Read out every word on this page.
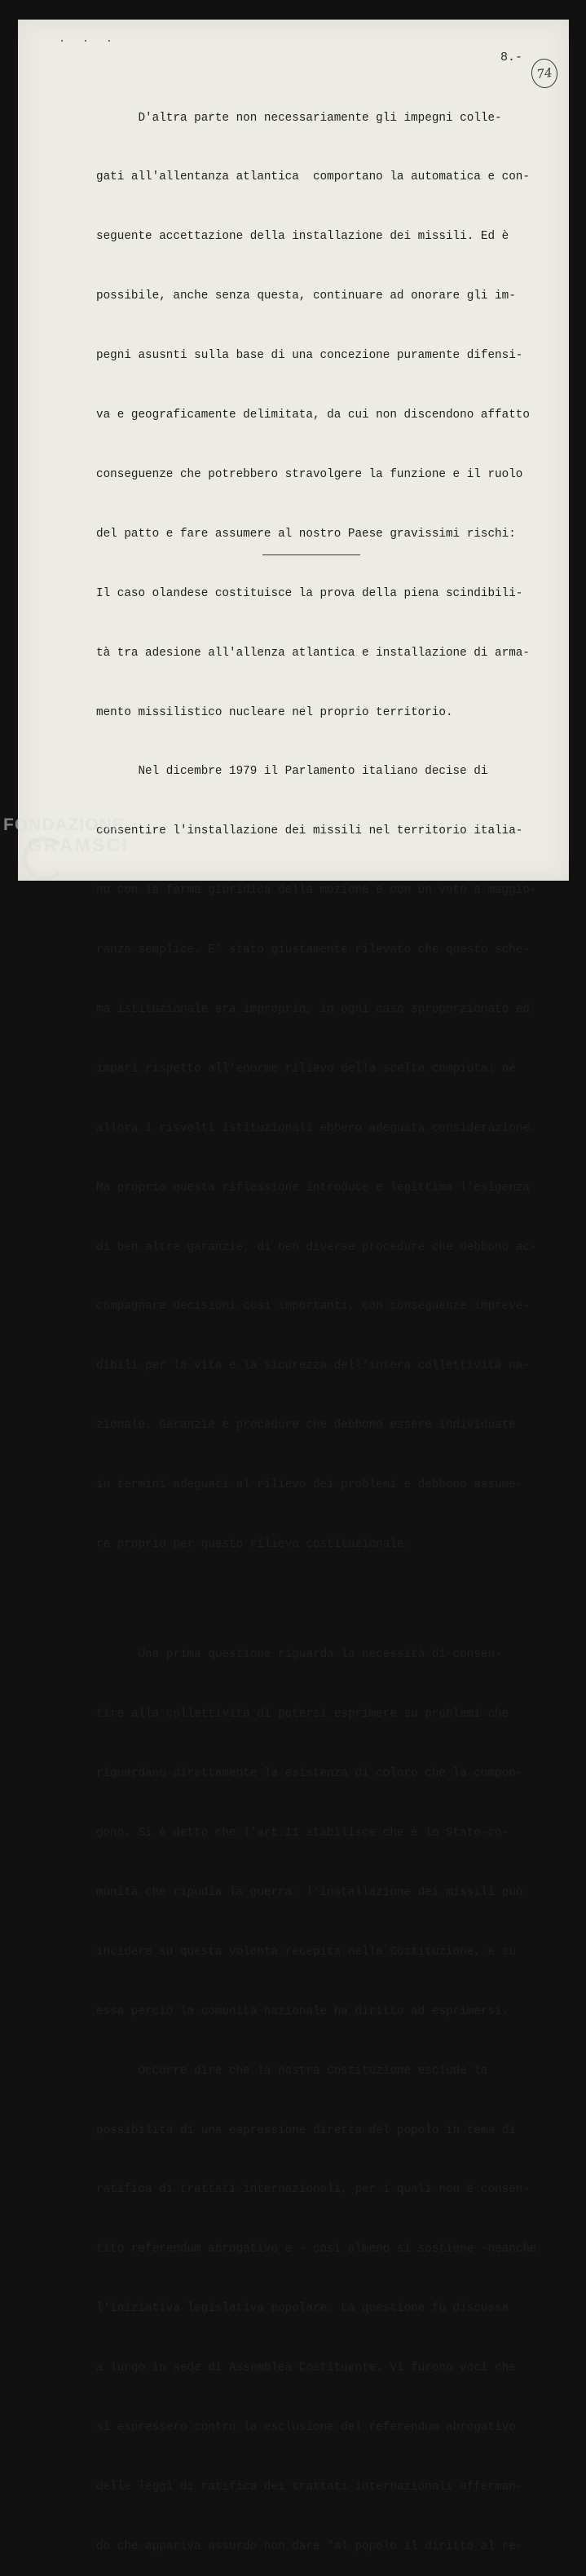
. . .
8.-
74

D'altra parte non necessariamente gli impegni colle-

gati all'allentanza atlantica  comportano la automatica e con-

seguente accettazione della installazione dei missili. Ed è

possibile, anche senza questa, continuare ad onorare gli im-

pegni asusnti sulla base di una concezione puramente difensi-

va e geograficamente delimitata, da cui non discendono affatto

conseguenze che potrebbero stravolgere la funzione e il ruolo

del patto e fare assumere al nostro Paese gravissimi rischi:

Il caso olandese costituisce la prova della piena scindibili-

tà tra adesione all'allenza atlantica e installazione di arma-

mento missilistico nucleare nel proprio territorio.

Nel dicembre 1979 il Parlamento italiano decise di

consentire l'installazione dei missili nel territorio italia-

no con la forma giuridica della mozione e con un voto a maggio-

ranza semplice. E' stato giustamente rilevato che questo sche-

ma istituzionale era improprio, in ogni caso sproporzionato ed

impari rispetto all'enorme rilievo della scelta compiuta: né

allora i risvolti istituzionali ebbero adeguata considerazione.

Ma proprio questa riflessione introduce e legittima l'esigenza

di ben altre garanzie, di ben diverse procedure che debbono ac-

compagnare decisioni così importanti, con conseguenze impreve-

dibili per la vita e la sicurezza dell'intera collettività na-

zionale. Garanzie e procedure che debbono essere individuate

in termini adeguati al rilievo dei problemi e debbono assume-

re proprio per questo rilievo costituzionale.

Una prima questione riguarda la necessità di consen-

tire alla collettività di potersi esprimere su problemi che

riguardano direttamente la esistenza di coloro che la compon-

gono. Si è detto che l'art.11 stabilisce che è lo Stato-co-

munità che ripudia la guerra: l'installazione dei missili può

incidere su questa volontà recepita nella Costituzione, e su

essa perciò la comunità nazionale ha diritto ad esprimersi.

Occorre dire che la nostra Costituzione esclude la

possibilità di una espressione diretta del popolo in tema di

ratifica di trattati internazionali, per i quali non è consen-

tito referendum abrogativo e - così almeno si sostiene -neanche

l'iniziativa legislativa popolare. La questione fu discussa

a lungo in sede di Assemblea Costituente. Vi furono voci che

si espressero contro la esclusione del referendum abrogativo

delle leggi di ratifica dei trattati internazionali afferman-

do che appariva assurdo non dare "al popolo il diritto al re-

FONDAZIONE
GRAMSCI
